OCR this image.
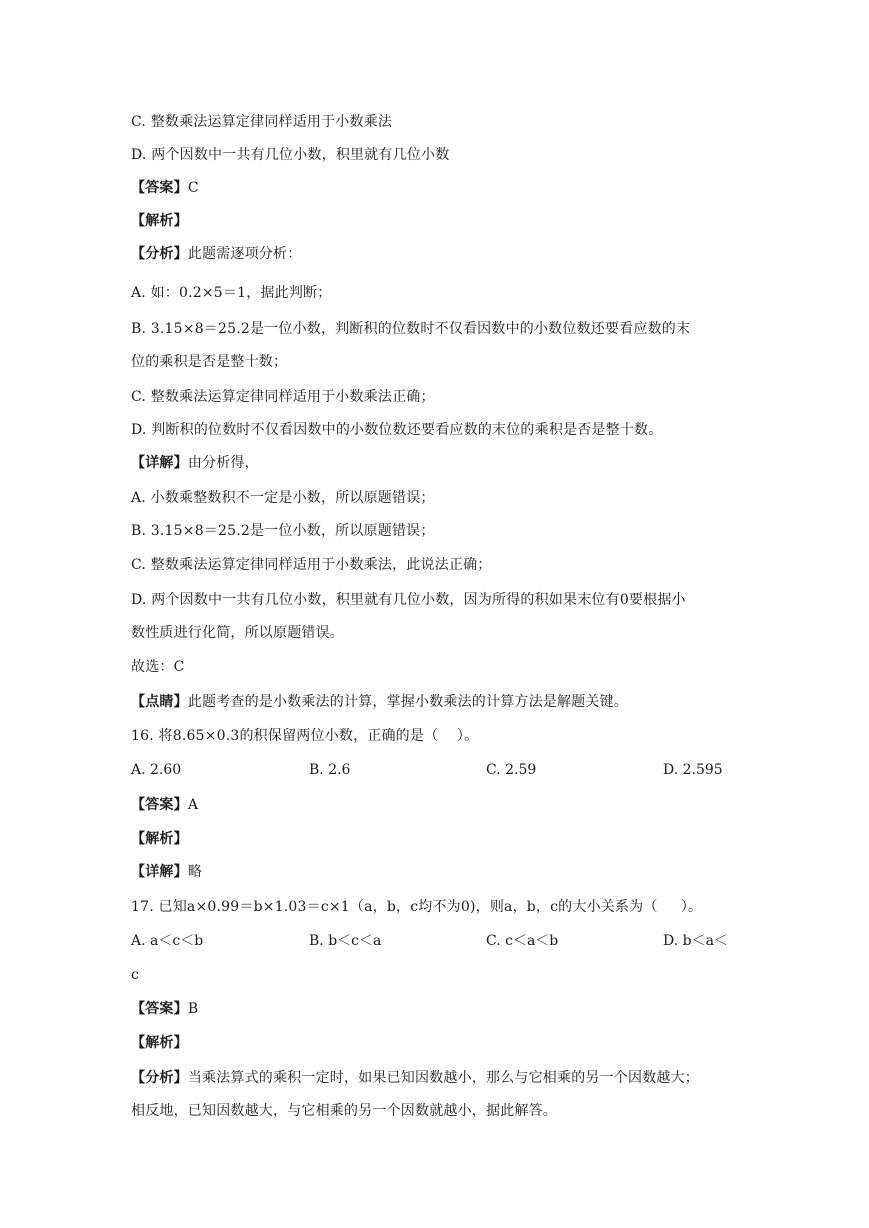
C. 整数乘法运算定律同样适用于小数乘法
D. 两个因数中一共有几位小数，积里就有几位小数
【答案】C
【解析】
【分析】此题需逐项分析：
A. 如：0.2×5＝1，据此判断；
B. 3.15×8＝25.2是一位小数，判断积的位数时不仅看因数中的小数位数还要看应数的末
位的乘积是否是整十数；
C. 整数乘法运算定律同样适用于小数乘法正确；
D. 判断积的位数时不仅看因数中的小数位数还要看应数的末位的乘积是否是整十数。
【详解】由分析得，
A. 小数乘整数积不一定是小数，所以原题错误；
B. 3.15×8＝25.2是一位小数，所以原题错误；
C. 整数乘法运算定律同样适用于小数乘法，此说法正确；
D. 两个因数中一共有几位小数，积里就有几位小数，因为所得的积如果末位有0要根据小
数性质进行化简，所以原题错误。
故选：C
【点睛】此题考查的是小数乘法的计算，掌握小数乘法的计算方法是解题关键。
16. 将8.65×0.3的积保留两位小数，正确的是（    ）。
A. 2.60	B. 2.6	C. 2.59	D. 2.595
【答案】A
【解析】
【详解】略
17. 已知a×0.99＝b×1.03＝c×1（a，b，c均不为0)，则a，b，c的大小关系为（     ）。
A. a＜c＜b	B. b＜c＜a	C. c＜a＜b	D. b＜a＜
c
【答案】B
【解析】
【分析】当乘法算式的乘积一定时，如果已知因数越小，那么与它相乘的另一个因数越大；
相反地，已知因数越大，与它相乘的另一个因数就越小，据此解答。
